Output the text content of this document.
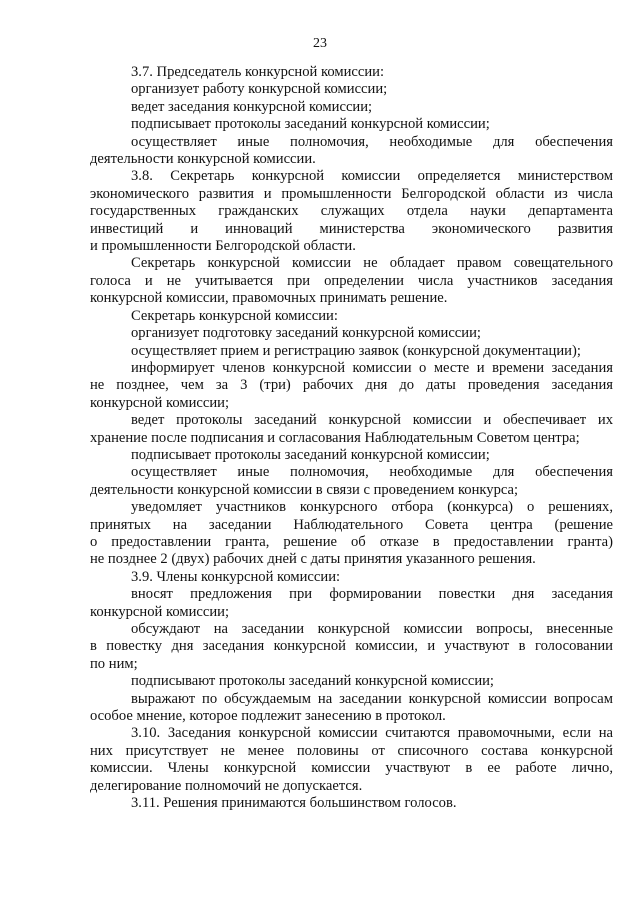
23

3.7. Председатель конкурсной комиссии:

организует работу конкурсной комиссии;

ведет заседания конкурсной комиссии;

подписывает протоколы заседаний конкурсной комиссии;

осуществляет иные полномочия, необходимые для обеспечения

деятельности конкурсной комиссии.

3.8. Секретарь конкурсной комиссии определяется министерством

экономического развития и промышленности Белгородской области из числа

государственных гражданских служащих отдела науки департамента

инвестиций и инноваций министерства экономического развития

и промышленности Белгородской области.

Секретарь конкурсной комиссии не обладает правом совещательного

голоса и не учитывается при определении числа участников заседания

конкурсной комиссии, правомочных принимать решение.

Секретарь конкурсной комиссии:

организует подготовку заседаний конкурсной комиссии;

осуществляет прием и регистрацию заявок (конкурсной документации);

информирует членов конкурсной комиссии о месте и времени заседания

не позднее, чем за 3 (три) рабочих дня до даты проведения заседания

конкурсной комиссии;

ведет протоколы заседаний конкурсной комиссии и обеспечивает их

хранение после подписания и согласования Наблюдательным Советом центра;

подписывает протоколы заседаний конкурсной комиссии;

осуществляет иные полномочия, необходимые для обеспечения

деятельности конкурсной комиссии в связи с проведением конкурса;

уведомляет участников конкурсного отбора (конкурса) о решениях,

принятых на заседании Наблюдательного Совета центра (решение

о предоставлении гранта, решение об отказе в предоставлении гранта)

не позднее 2 (двух) рабочих дней с даты принятия указанного решения.

3.9. Члены конкурсной комиссии:

вносят предложения при формировании повестки дня заседания

конкурсной комиссии;

обсуждают на заседании конкурсной комиссии вопросы, внесенные

в повестку дня заседания конкурсной комиссии, и участвуют в голосовании

по ним;

подписывают протоколы заседаний конкурсной комиссии;

выражают по обсуждаемым на заседании конкурсной комиссии вопросам

особое мнение, которое подлежит занесению в протокол.

3.10. Заседания конкурсной комиссии считаются правомочными, если на

них присутствует не менее половины от списочного состава конкурсной

комиссии. Члены конкурсной комиссии участвуют в ее работе лично,

делегирование полномочий не допускается.

3.11. Решения принимаются большинством голосов.
